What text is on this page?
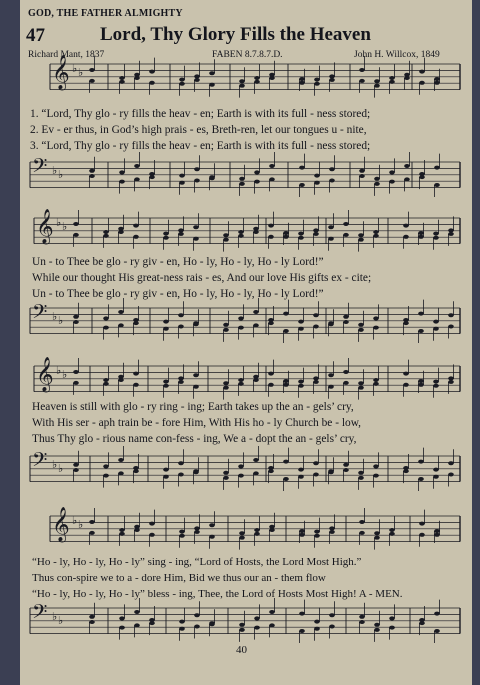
GOD, THE FATHER ALMIGHTY
47	Lord, Thy Glory Fills the Heaven
Richard Mant, 1837	FABEN 8.7.8.7.D.	John H. Willcox, 1849
𝄞
𝄢
♭
♭
♭
♭
𝄞
𝄢
♭
♭
♭
♭
𝄞
𝄢
♭
♭
♭
♭
𝄞
𝄢
♭
♭
♭
♭
1. “Lord, Thy glo - ry fills the heav - en; Earth is with its full - ness stored;
2. Ev - er thus, in God’s high prais - es, Breth-ren, let our tongues u - nite,
3. “Lord, Thy glo - ry fills the heav - en; Earth is with its full - ness stored;
Un - to Thee be glo - ry giv - en, Ho - ly, Ho - ly, Ho - ly Lord!”
While our thought His great-ness rais - es, And our love His gifts ex - cite;
Un - to Thee be glo - ry giv - en, Ho - ly, Ho - ly, Ho - ly Lord!”
Heaven is still with glo - ry ring - ing; Earth takes up the an - gels’ cry,
With His ser - aph train be - fore Him, With His ho - ly Church be - low,
Thus Thy glo - rious name con-fess - ing, We a - dopt the an - gels’ cry,
“Ho - ly, Ho - ly, Ho - ly” sing - ing, “Lord of Hosts, the Lord Most High.”
Thus con-spire we to a - dore Him, Bid we thus our an - them flow
“Ho - ly, Ho - ly, Ho - ly” bless - ing, Thee, the Lord of Hosts Most High! A - MEN.
40
